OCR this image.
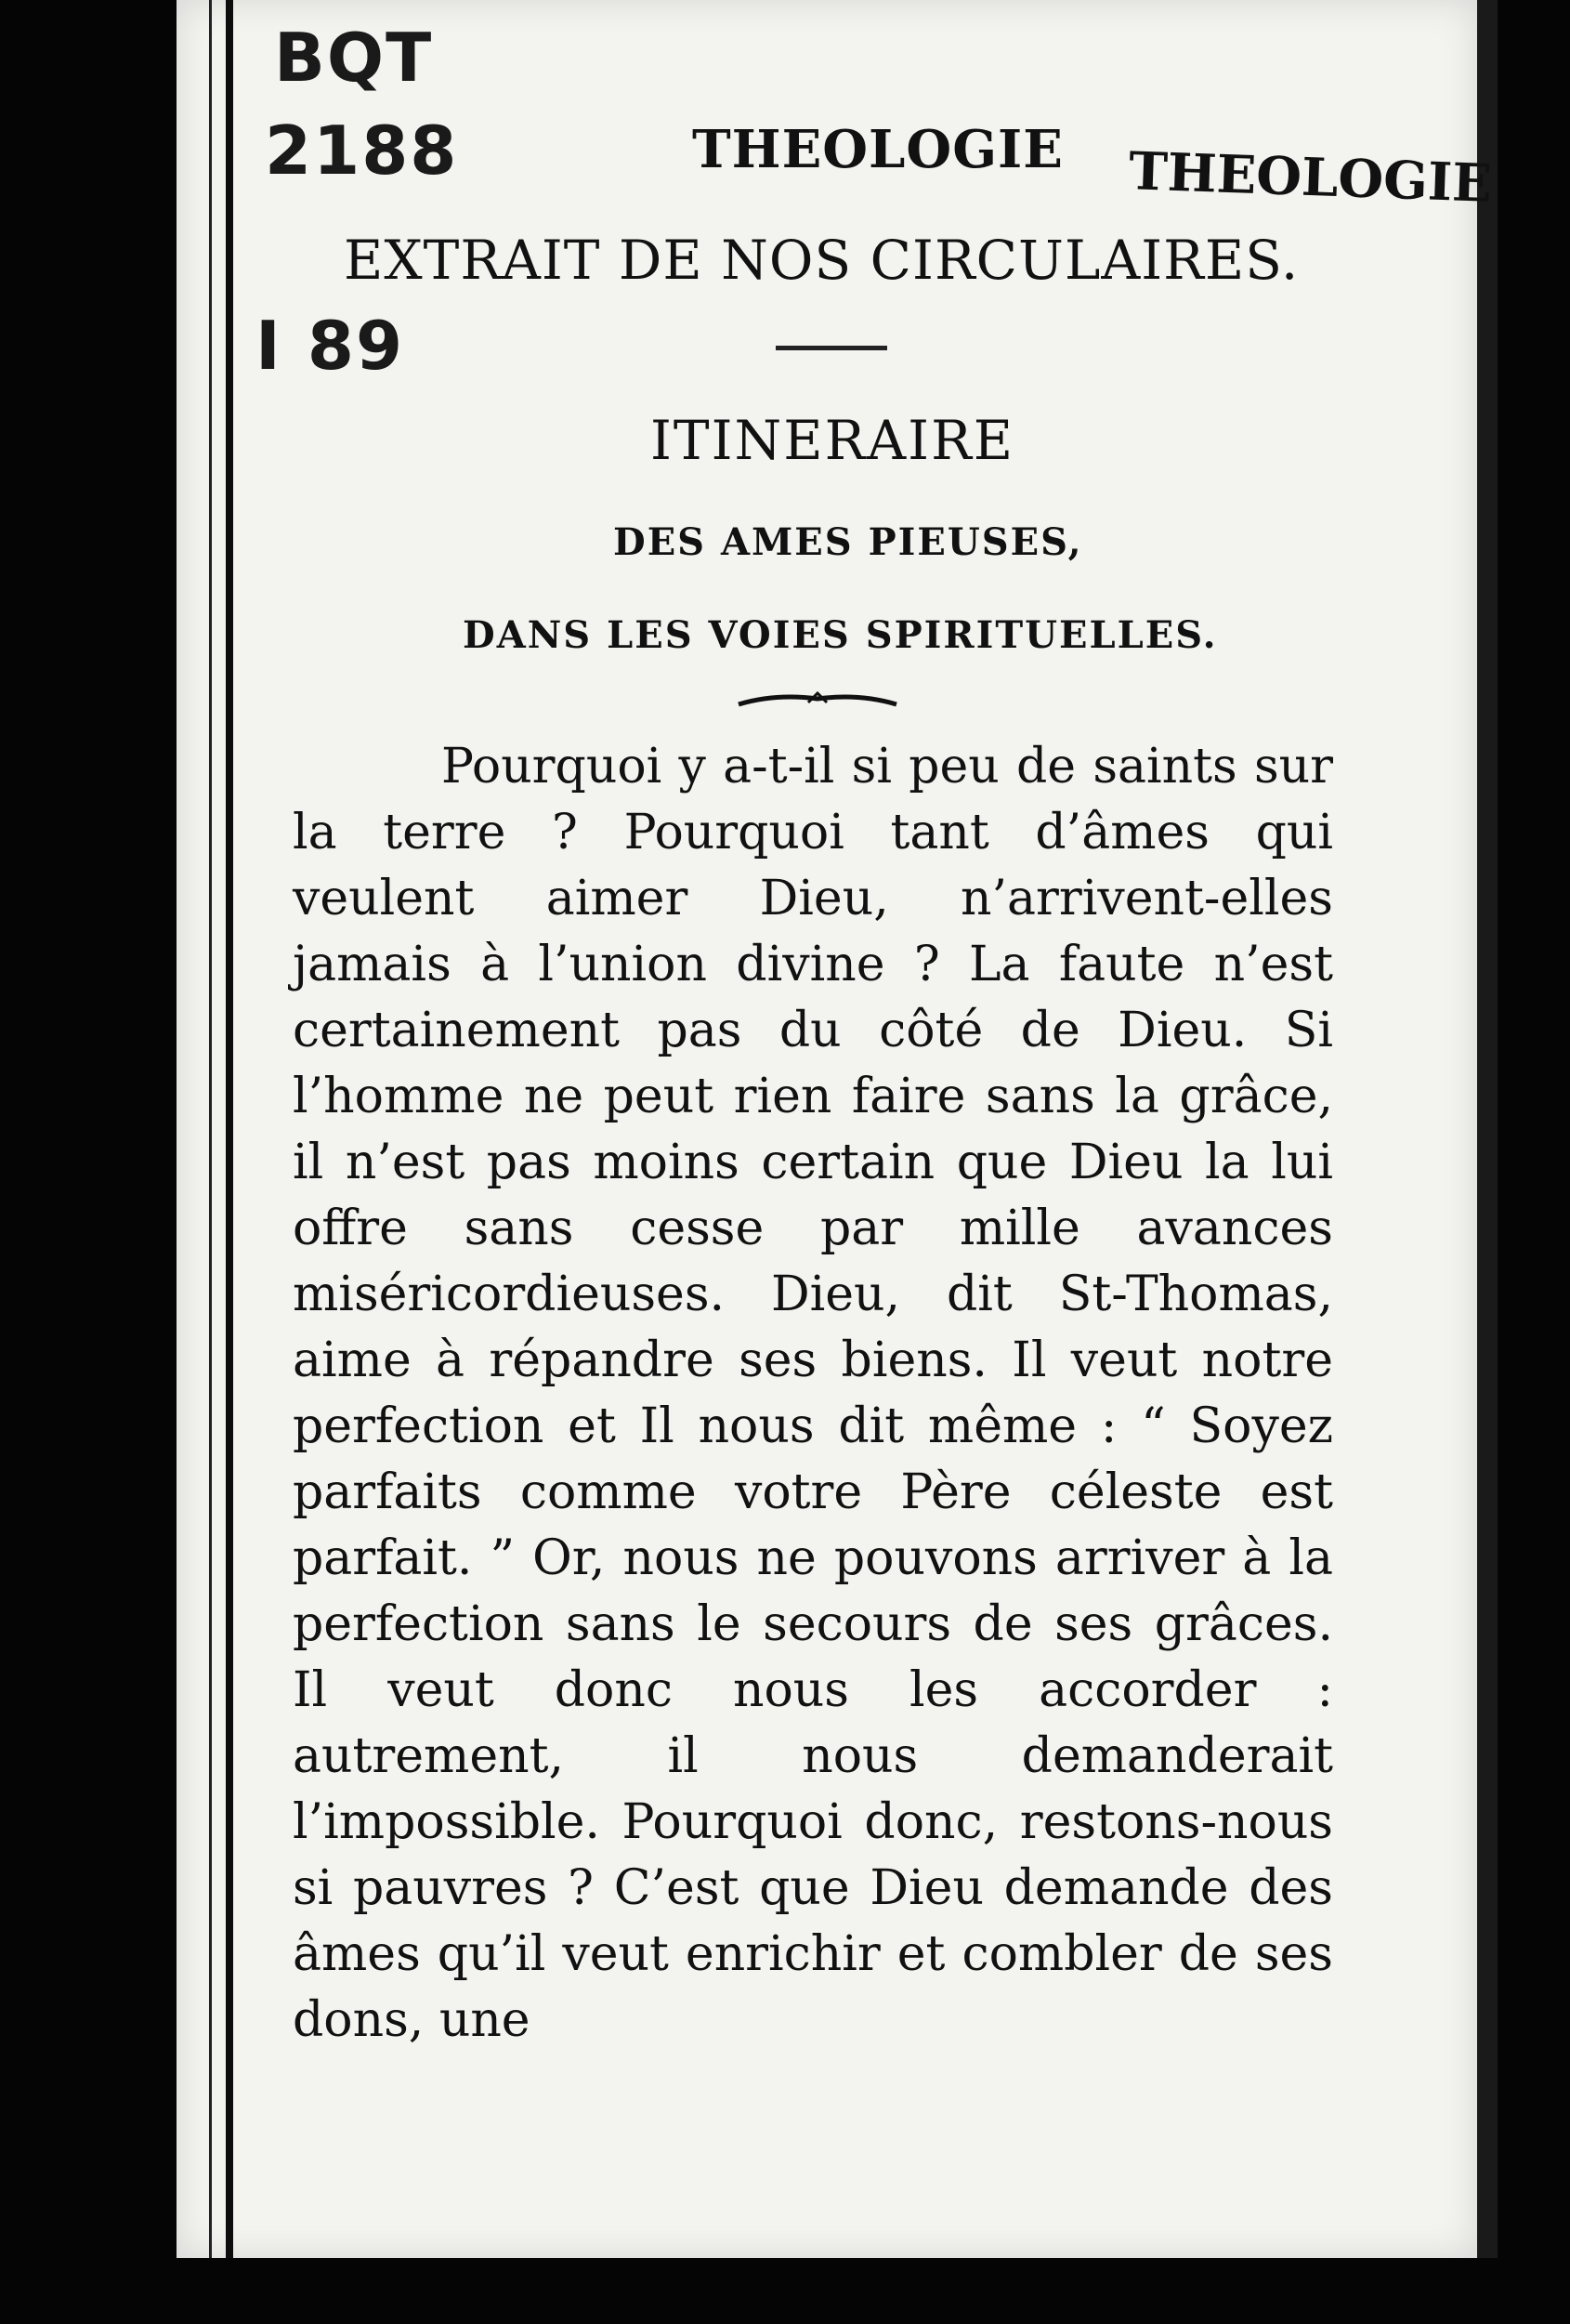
BQT
2188
I 89
THEOLOGIE THEOLOGIE
EXTRAIT DE NOS CIRCULAIRES.
ITINERAIRE
DES AMES PIEUSES,
DANS LES VOIES SPIRITUELLES.

Pourquoi y a-t-il si peu de saints sur la terre ? Pourquoi tant d’âmes qui veulent aimer Dieu, n’arrivent-elles jamais à l’union divine ? La faute n’est certainement pas du côté de Dieu. Si l’homme ne peut rien faire sans la grâce, il n’est pas moins certain que Dieu la lui offre sans cesse par mille avances miséricordieuses. Dieu, dit St-Thomas, aime à répandre ses biens. Il veut notre perfection et Il nous dit même : “ Soyez parfaits comme votre Père céleste est parfait. ” Or, nous ne pouvons arriver à la perfection sans le secours de ses grâces. Il veut donc nous les accorder : autrement, il nous demanderait l’impossible. Pourquoi donc, restons-nous si pauvres ? C’est que Dieu demande des âmes qu’il veut enrichir et combler de ses dons, une
